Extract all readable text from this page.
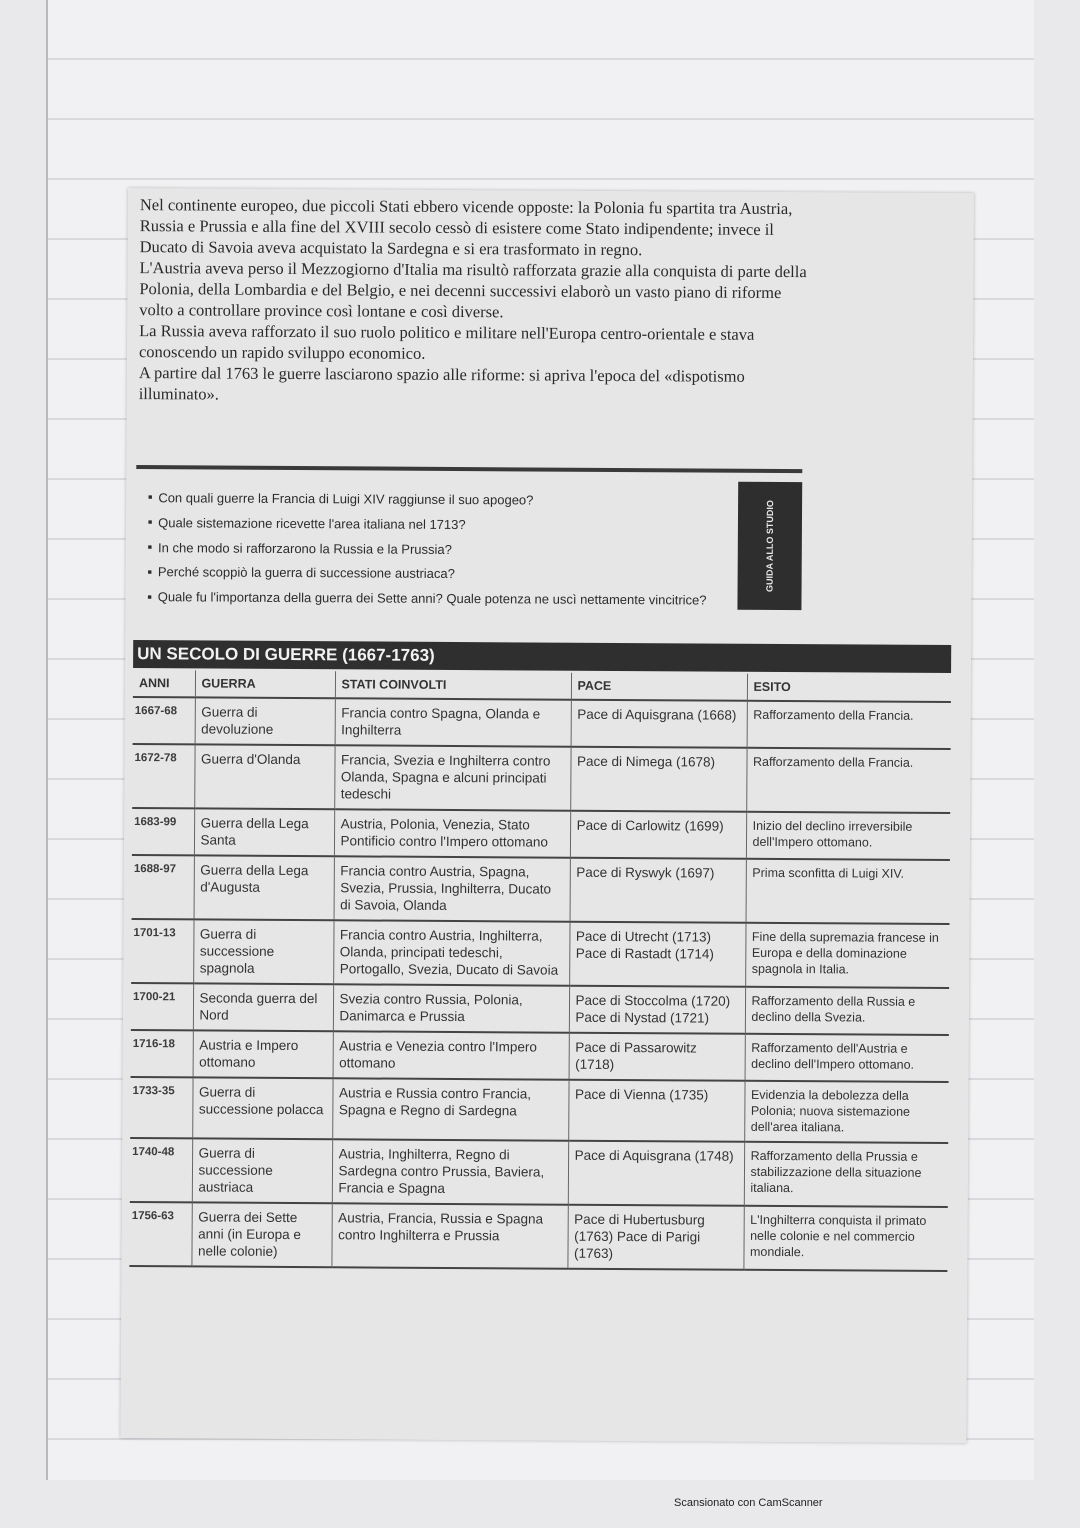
Nel continente europeo, due piccoli Stati ebbero vicende opposte: la Polonia fu spartita tra Austria, Russia e Prussia e alla fine del XVIII secolo cessò di esistere come Stato indipendente; invece il Ducato di Savoia aveva acquistato la Sardegna e si era trasformato in regno.

L'Austria aveva perso il Mezzogiorno d'Italia ma risultò rafforzata grazie alla conquista di parte della Polonia, della Lombardia e del Belgio, e nei decenni successivi elaborò un vasto piano di riforme volto a controllare province così lontane e così diverse.

La Russia aveva rafforzato il suo ruolo politico e militare nell'Europa centro-orientale e stava conoscendo un rapido sviluppo economico.

A partire dal 1763 le guerre lasciarono spazio alle riforme: si apriva l'epoca del «dispotismo illuminato».

■ Con quali guerre la Francia di Luigi XIV raggiunse il suo apogeo?
■ Quale sistemazione ricevette l'area italiana nel 1713?
■ In che modo si rafforzarono la Russia e la Prussia?
■ Perché scoppiò la guerra di successione austriaca?
■ Quale fu l'importanza della guerra dei Sette anni? Quale potenza ne uscì nettamente vincitrice?
GUIDA ALLO STUDIO
UN SECOLO DI GUERRE (1667-1763)
ANNI	GUERRA	STATI COINVOLTI	PACE	ESITO
1667-68	Guerra di devoluzione	Francia contro Spagna, Olanda e Inghilterra	Pace di Aquisgrana (1668)	Rafforzamento della Francia.
1672-78	Guerra d'Olanda	Francia, Svezia e Inghilterra contro Olanda, Spagna e alcuni principati tedeschi	Pace di Nimega (1678)	Rafforzamento della Francia.
1683-99	Guerra della Lega Santa	Austria, Polonia, Venezia, Stato Pontificio contro l'Impero ottomano	Pace di Carlowitz (1699)	Inizio del declino irreversibile dell'Impero ottomano.
1688-97	Guerra della Lega d'Augusta	Francia contro Austria, Spagna, Svezia, Prussia, Inghilterra, Ducato di Savoia, Olanda	Pace di Ryswyk (1697)	Prima sconfitta di Luigi XIV.
1701-13	Guerra di successione spagnola	Francia contro Austria, Inghilterra, Olanda, principati tedeschi, Portogallo, Svezia, Ducato di Savoia	Pace di Utrecht (1713) Pace di Rastadt (1714)	Fine della supremazia francese in Europa e della dominazione spagnola in Italia.
1700-21	Seconda guerra del Nord	Svezia contro Russia, Polonia, Danimarca e Prussia	Pace di Stoccolma (1720) Pace di Nystad (1721)	Rafforzamento della Russia e declino della Svezia.
1716-18	Austria e Impero ottomano	Austria e Venezia contro l'Impero ottomano	Pace di Passarowitz (1718)	Rafforzamento dell'Austria e declino dell'Impero ottomano.
1733-35	Guerra di successione polacca	Austria e Russia contro Francia, Spagna e Regno di Sardegna	Pace di Vienna (1735)	Evidenzia la debolezza della Polonia; nuova sistemazione dell'area italiana.
1740-48	Guerra di successione austriaca	Austria, Inghilterra, Regno di Sardegna contro Prussia, Baviera, Francia e Spagna	Pace di Aquisgrana (1748)	Rafforzamento della Prussia e stabilizzazione della situazione italiana.
1756-63	Guerra dei Sette anni (in Europa e nelle colonie)	Austria, Francia, Russia e Spagna contro Inghilterra e Prussia	Pace di Hubertusburg (1763) Pace di Parigi (1763)	L'Inghilterra conquista il primato nelle colonie e nel commercio mondiale.
Scansionato con CamScanner
